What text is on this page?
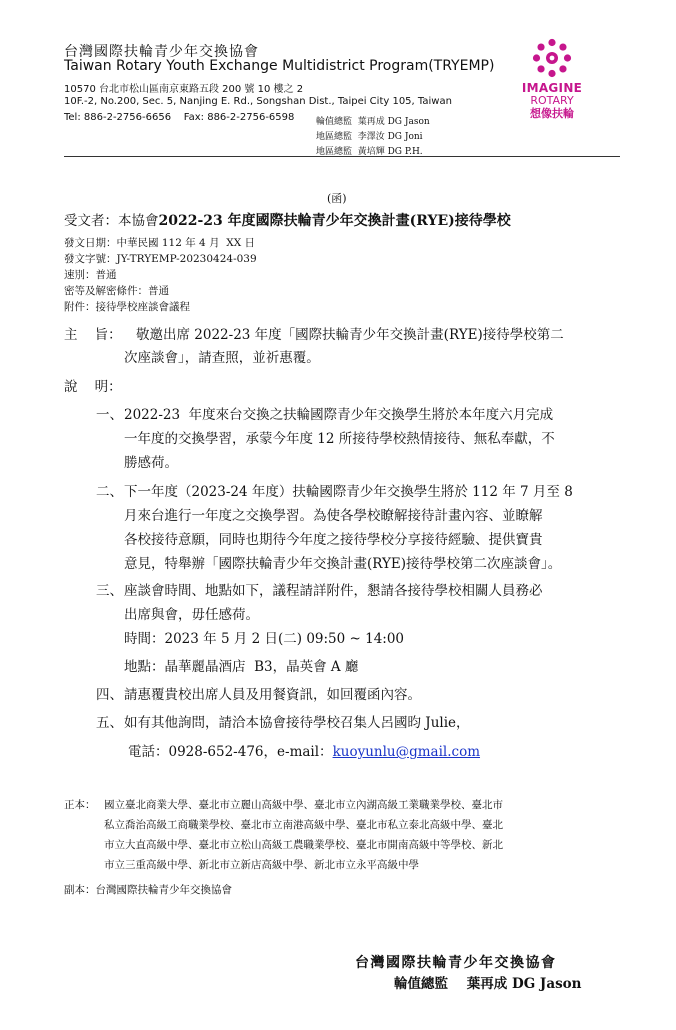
台灣國際扶輪青少年交換協會
Taiwan Rotary Youth Exchange Multidistrict Program(TRYEMP)
10570 台北市松山區南京東路五段 200 號 10 樓之 2
10F.-2, No.200, Sec. 5, Nanjing E. Rd., Songshan Dist., Taipei City 105, Taiwan
Tel: 886-2-2756-6656    Fax: 886-2-2756-6598 輪值總監  葉再成 DG Jason
地區總監  李澤汝 DG Joni
地區總監  黃培輝 DG P.H.
IMAGINE
ROTARY
想像扶輪
(函)
受文者：本協會2022-23 年度國際扶輪青少年交換計畫(RYE)接待學校
發文日期：中華民國 112 年 4 月  XX 日
發文字號：JY-TRYEMP-20230424-039
速別：普通
密等及解密條件：普通
附件：接待學校座談會議程
主    旨： 敬邀出席 2022-23 年度「國際扶輪青少年交換計畫(RYE)接待學校第二
次座談會」，請查照，並祈惠覆。
說    明：
一、 2022-23  年度來台交換之扶輪國際青少年交換學生將於本年度六月完成
一年度的交換學習，承蒙今年度 12 所接待學校熱情接待、無私奉獻，不
勝感荷。
二、 下一年度（2023-24 年度）扶輪國際青少年交換學生將於 112 年 7 月至 8
月來台進行一年度之交換學習。為使各學校瞭解接待計畫內容、並瞭解
各校接待意願，同時也期待今年度之接待學校分享接待經驗、提供寶貴
意見，特舉辦「國際扶輪青少年交換計畫(RYE)接待學校第二次座談會」。
三、 座談會時間、地點如下，議程請詳附件，懇請各接待學校相關人員務必
出席與會，毋任感荷。
時間：2023 年 5 月 2 日(二) 09:50 ~ 14:00
地點：晶華麗晶酒店  B3，晶英會 A 廳
四、 請惠覆貴校出席人員及用餐資訊，如回覆函內容。
五、 如有其他詢問，請洽本協會接待學校召集人呂國昀 Julie，
電話：0928-652-476，e-mail：kuoyunlu@gmail.com
正本： 國立臺北商業大學、臺北市立麗山高級中學、臺北市立內湖高級工業職業學校、臺北市
私立喬治高級工商職業學校、臺北市立南港高級中學、臺北市私立泰北高級中學、臺北
市立大直高級中學、臺北市立松山高級工農職業學校、臺北市開南高級中等學校、新北
市立三重高級中學、新北市立新店高級中學、新北市立永平高級中學
副本：台灣國際扶輪青少年交換協會
台灣國際扶輪青少年交換協會
輪值總監    葉再成 DG Jason
